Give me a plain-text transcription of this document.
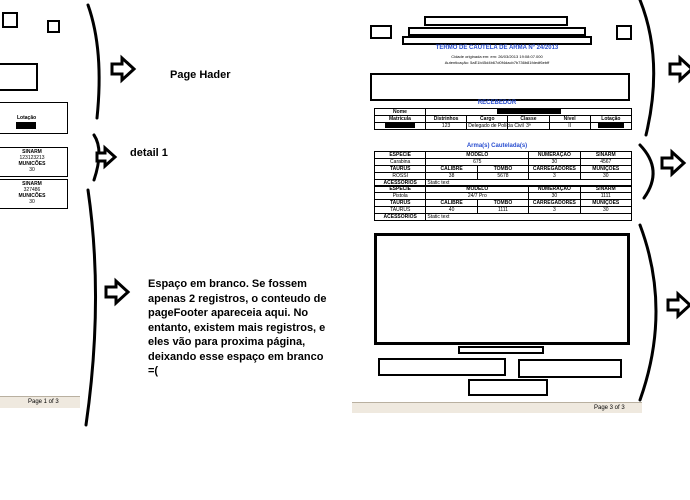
Lotação
SINARM
123123213
MUNICÕES
30
SINARM
327486
MUNICÕES
30
Page 1 of 3
Page Hader
detail 1
Espaço em branco. Se fossem
apenas 2 registros, o conteudo de
pageFooter apareceia aqui. No
entanto, existem mais registros, e
eles vão para proxima página,
deixando esse espaço em branco
=(
TERMO DE CAUTELA DE ARMA Nº 24/2013
Cidade originada em: em: 26/03/2013 19:08:07.000
Autenticação: 5aE1b45d4b67d0f4dacb7b736b81fdedf6ebff
RECEBEDOR
Nome					
Matrícula	Distrinhos	Cargo	Classe	Nível	Lotação
	123	Delegado de Polícia Civil	3ª	II	
Arma(s) Cautelada(s)
ESPÉCIE	MODELO		NUMERAÇÃO	SINARM
Carabina	675		30	4567
TAURUS	CALIBRE	TOMBO	CARREGADORES	MUNIÇÕES
ROSSI	38	5678	3	30
ACESSÓRIOS	Static text			
ESPÉCIE	MODELO		NUMERAÇÃO	SINARM
Pistola	24/7 Pro		30	1111
TAURUS	CALIBRE	TOMBO	CARREGADORES	MUNIÇÕES
TAURUS	40	1111	3	30
ACESSÓRIOS	Static text			
Page 3 of 3
